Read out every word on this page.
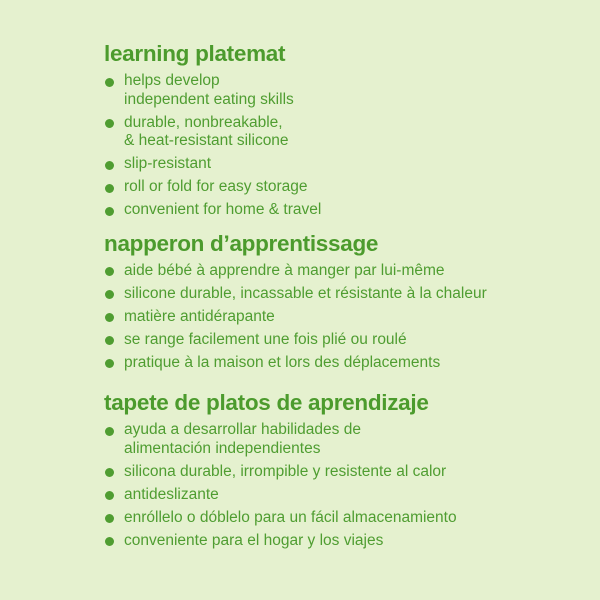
learning platemat
helps develop
independent eating skills
durable, nonbreakable,
& heat-resistant silicone
slip-resistant
roll or fold for easy storage
convenient for home & travel
napperon d’apprentissage
aide bébé à apprendre à manger par lui-même
silicone durable, incassable et résistante à la chaleur
matière antidérapante
se range facilement une fois plié ou roulé
pratique à la maison et lors des déplacements
tapete de platos de aprendizaje
ayuda a desarrollar habilidades de
alimentación independientes
silicona durable, irrompible y resistente al calor
antideslizante
enróllelo o dóblelo para un fácil almacenamiento
conveniente para el hogar y los viajes
